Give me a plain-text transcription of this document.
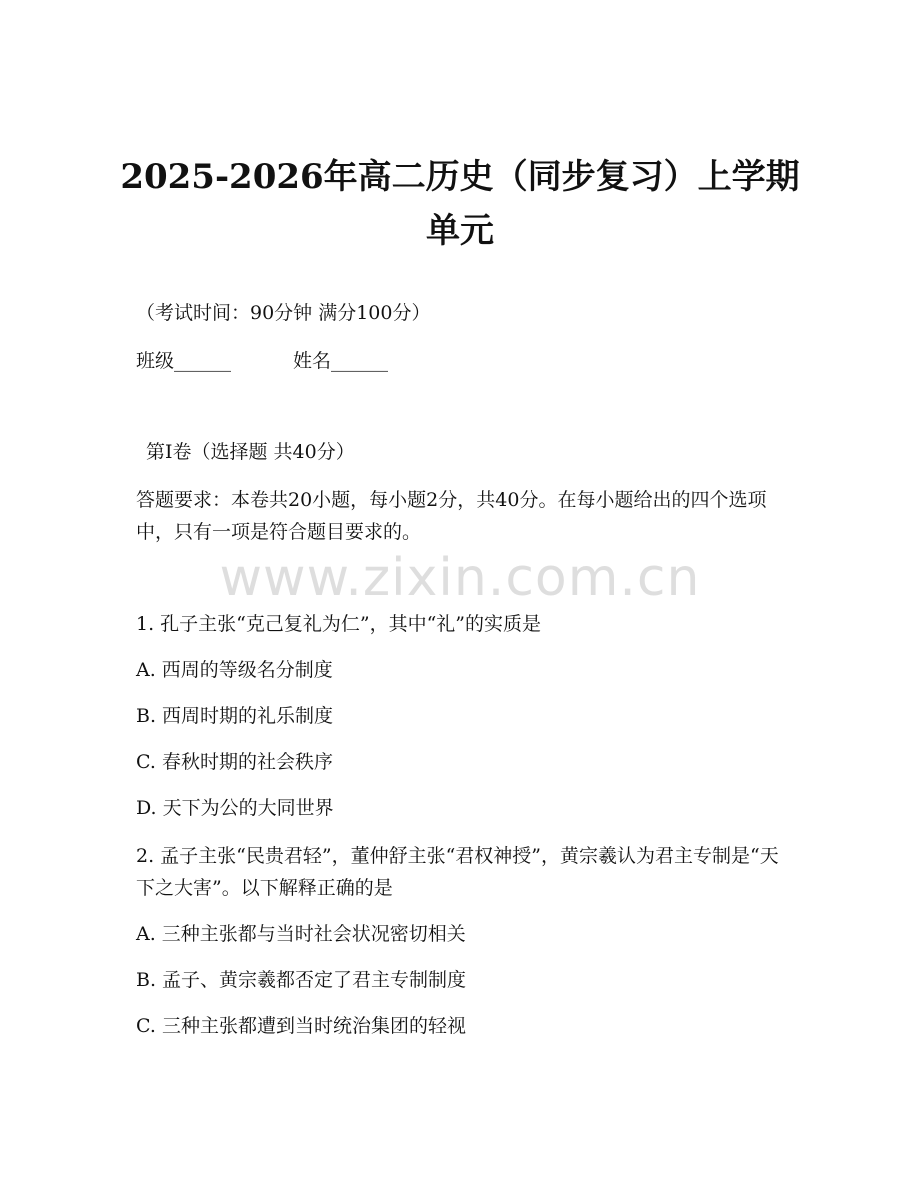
2025-2026年高二历史（同步复习）上学期
单元
（考试时间：90分钟 满分100分）
班级______	姓名______
第I卷（选择题 共40分）
答题要求：本卷共20小题，每小题2分，共40分。在每小题给出的四个选项中，只有一项是符合题目要求的。
www.zixin.com.cn
1. 孔子主张“克己复礼为仁”，其中“礼”的实质是
A. 西周的等级名分制度
B. 西周时期的礼乐制度
C. 春秋时期的社会秩序
D. 天下为公的大同世界
2. 孟子主张“民贵君轻”，董仲舒主张“君权神授”，黄宗羲认为君主专制是“天下之大害”。以下解释正确的是
A. 三种主张都与当时社会状况密切相关
B. 孟子、黄宗羲都否定了君主专制制度
C. 三种主张都遭到当时统治集团的轻视
